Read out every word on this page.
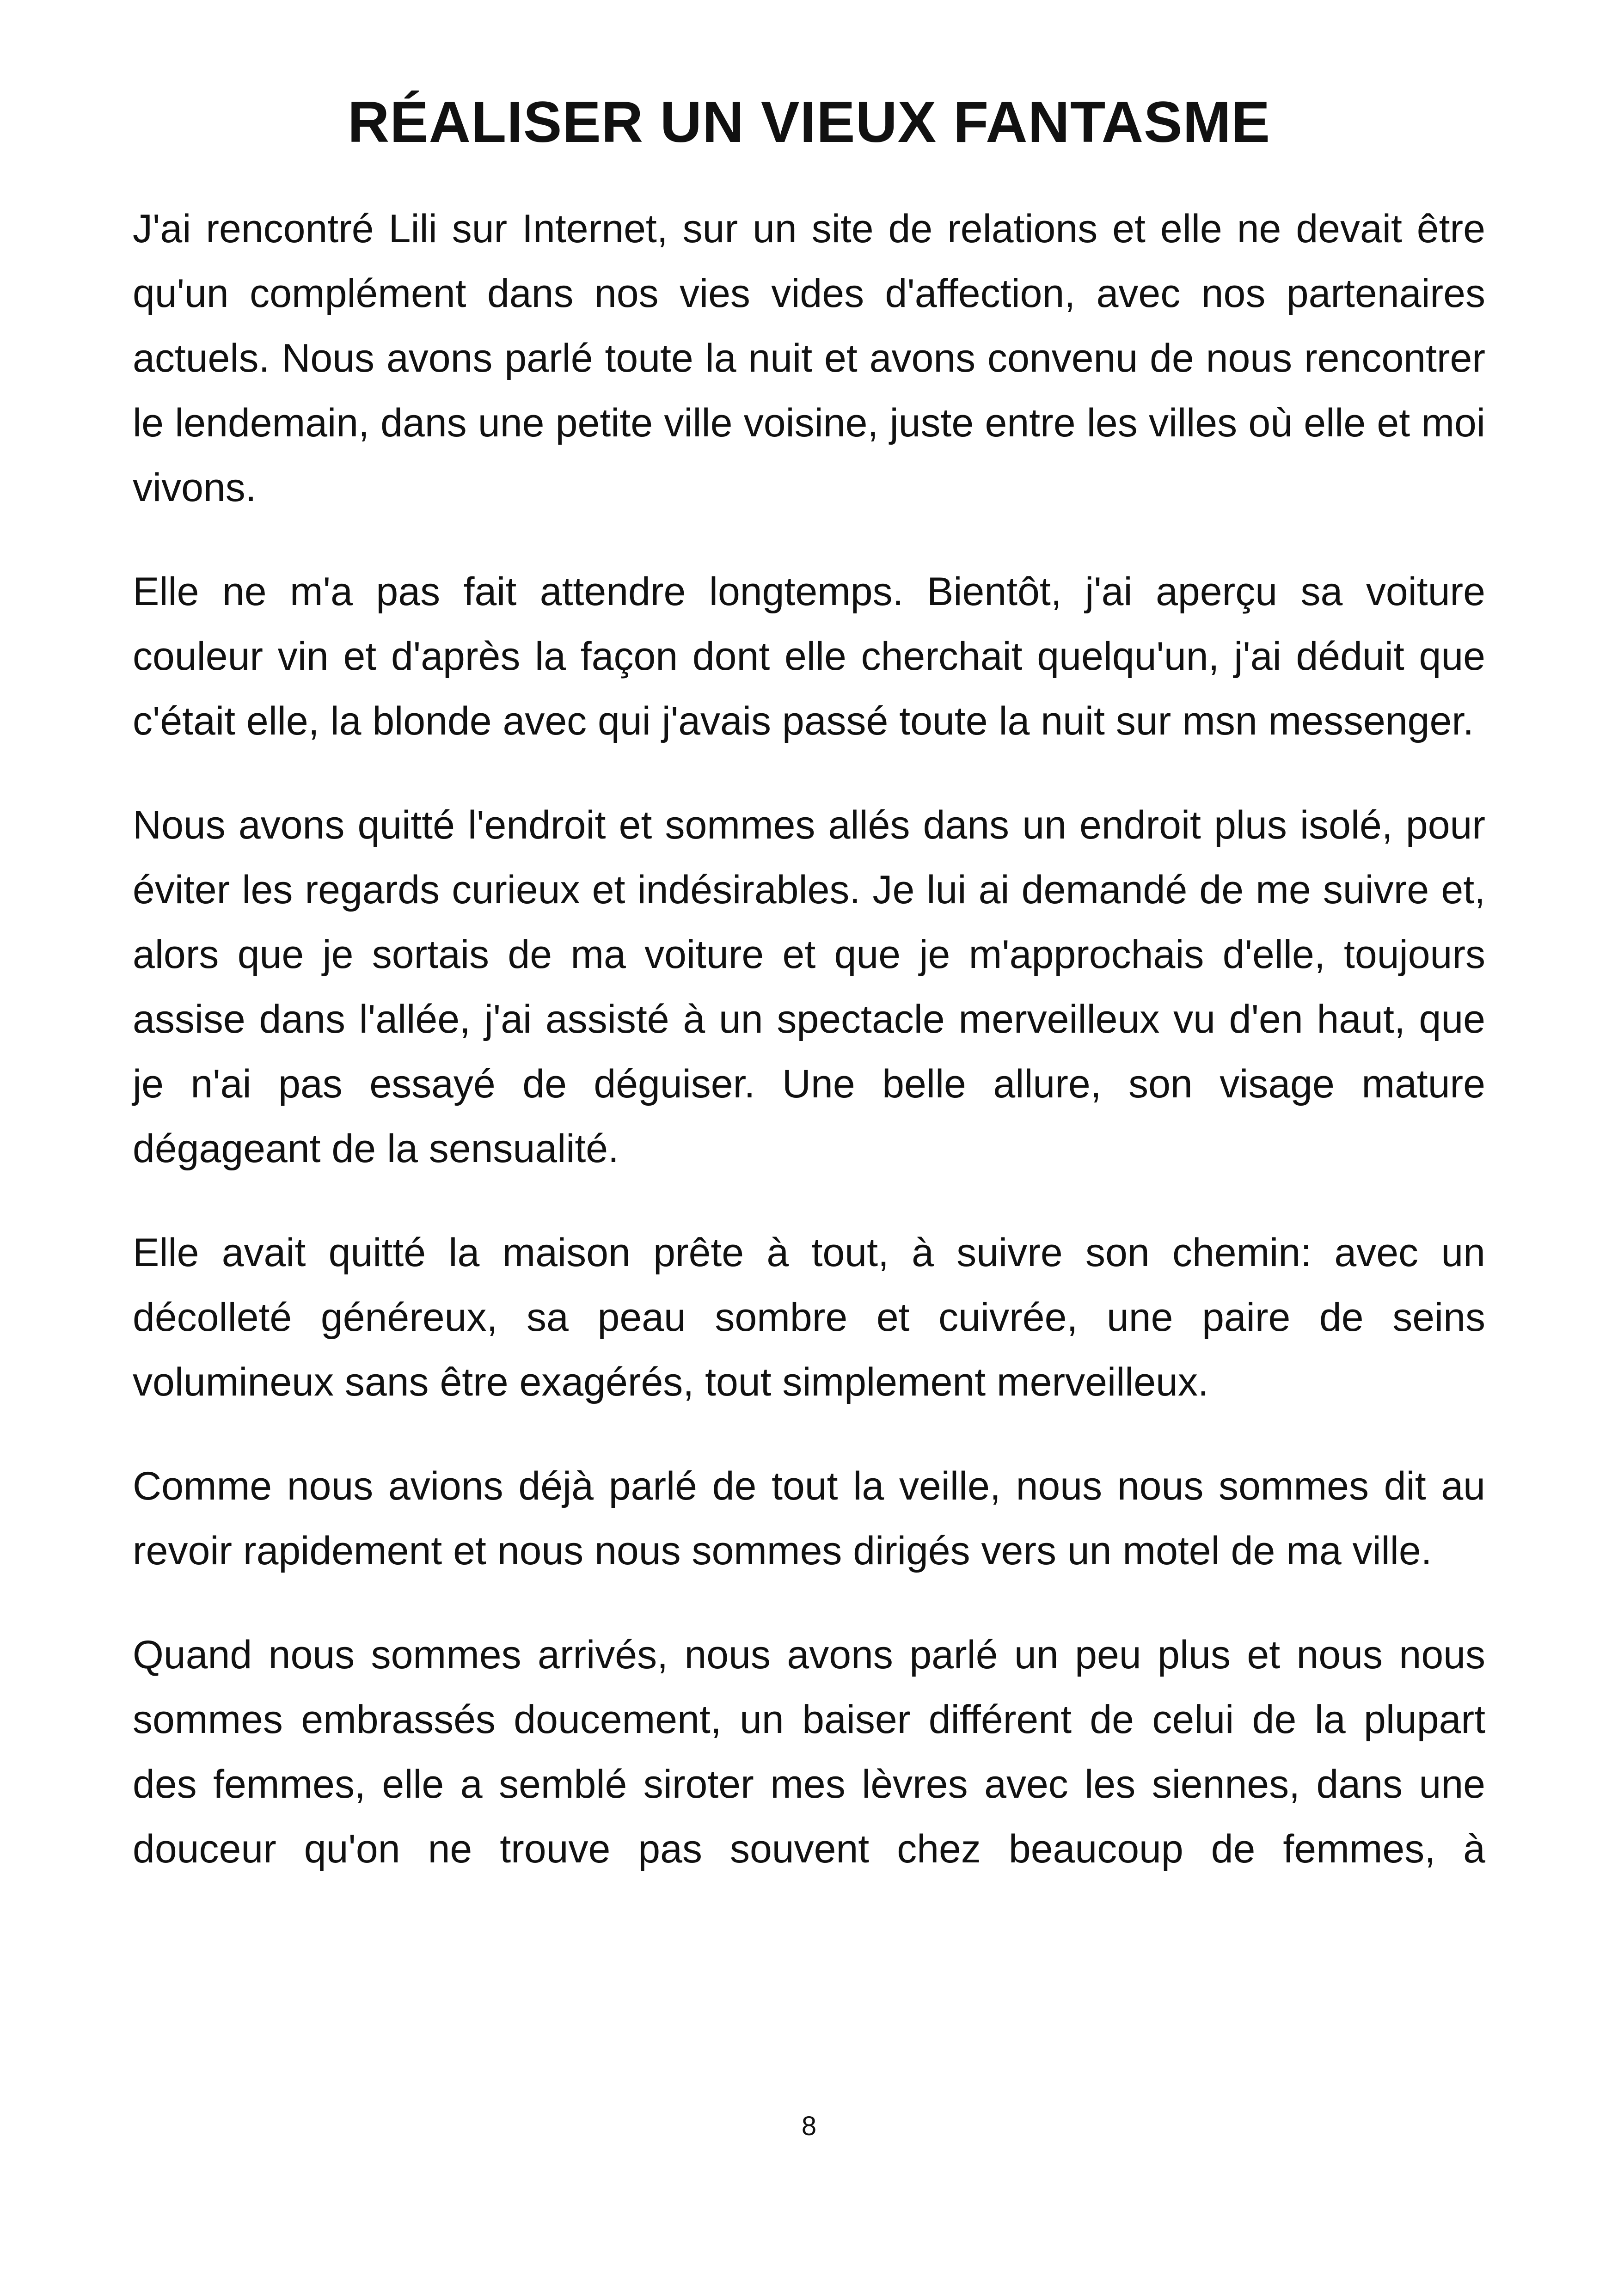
RÉALISER UN VIEUX FANTASME

J'ai rencontré Lili sur Internet, sur un site de relations et elle ne devait être qu'un complément dans nos vies vides d'affection, avec nos partenaires actuels. Nous avons parlé toute la nuit et avons convenu de nous rencontrer le lendemain, dans une petite ville voisine, juste entre les villes où elle et moi vivons.

Elle ne m'a pas fait attendre longtemps. Bientôt, j'ai aperçu sa voiture couleur vin et d'après la façon dont elle cherchait quelqu'un, j'ai déduit que c'était elle, la blonde avec qui j'avais passé toute la nuit sur msn messenger.

Nous avons quitté l'endroit et sommes allés dans un endroit plus isolé, pour éviter les regards curieux et indésirables. Je lui ai demandé de me suivre et, alors que je sortais de ma voiture et que je m'approchais d'elle, toujours assise dans l'allée, j'ai assisté à un spectacle merveilleux vu d'en haut, que je n'ai pas essayé de déguiser. Une belle allure, son visage mature dégageant de la sensualité.

Elle avait quitté la maison prête à tout, à suivre son chemin: avec un décolleté généreux, sa peau sombre et cuivrée, une paire de seins volumineux sans être exagérés, tout simplement merveilleux.

Comme nous avions déjà parlé de tout la veille, nous nous sommes dit au revoir rapidement et nous nous sommes dirigés vers un motel de ma ville.

Quand nous sommes arrivés, nous avons parlé un peu plus et nous nous sommes embrassés doucement, un baiser différent de celui de la plupart des femmes, elle a semblé siroter mes lèvres avec les siennes, dans une douceur qu'on ne trouve pas souvent chez beaucoup de femmes, à

8
